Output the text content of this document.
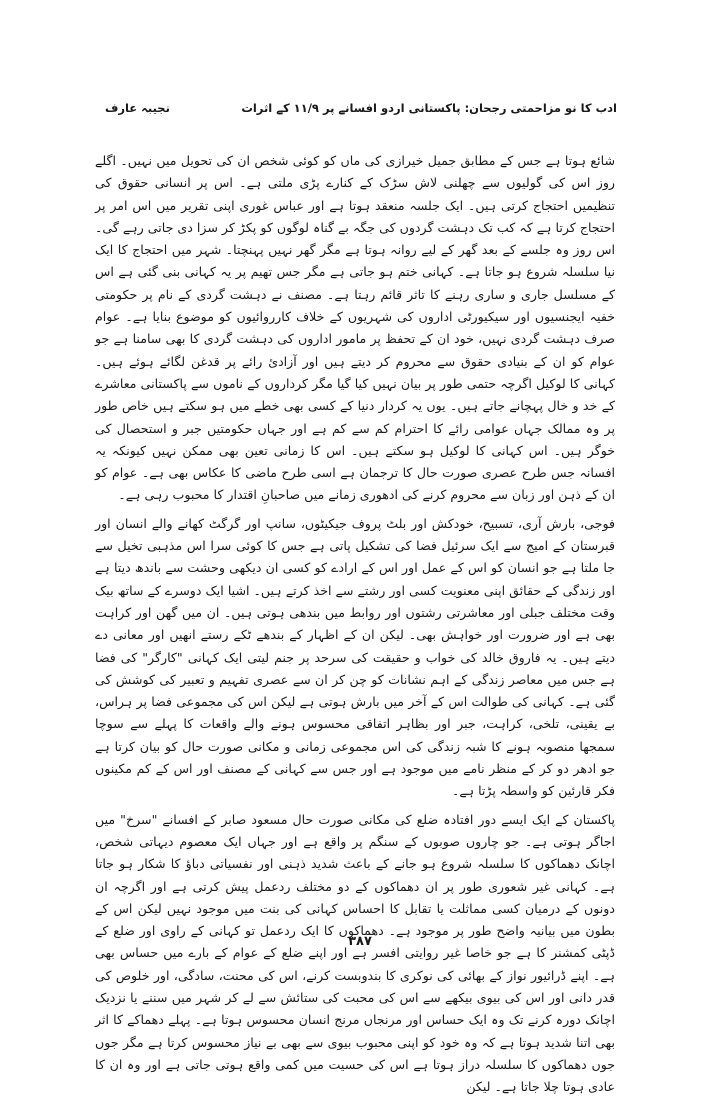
نجیبہ عارف	ادب کا نو مزاحمتی رجحان: پاکستانی اردو افسانے پر ۱۱/۹ کے اثرات

شائع ہوتا ہے جس کے مطابق جمیل خیرازی کی ماں کو کوئی شخص ان کی تحویل میں نہیں۔ اگلے روز اس کی گولیوں سے چھلنی لاش سڑک کے کنارے پڑی ملتی ہے۔ اس پر انسانی حقوق کی تنظیمیں احتجاج کرتی ہیں۔ ایک جلسہ منعقد ہوتا ہے اور عباس غوری اپنی تقریر میں اس امر پر احتجاج کرتا ہے کہ کب تک دہشت گردوں کی جگہ بے گناہ لوگوں کو پکڑ کر سزا دی جاتی رہے گی۔ اس روز وہ جلسے کے بعد گھر کے لیے روانہ ہوتا ہے مگر گھر نہیں پہنچتا۔ شہر میں احتجاج کا ایک نیا سلسلہ شروع ہو جاتا ہے۔ کہانی ختم ہو جاتی ہے مگر جس تھیم پر یہ کہانی بنی گئی ہے اس کے مسلسل جاری و ساری رہنے کا تاثر قائم رہتا ہے۔ مصنف نے دہشت گردی کے نام پر حکومتی خفیہ ایجنسیوں اور سیکیورٹی اداروں کی شہریوں کے خلاف کارروائیوں کو موضوع بنایا ہے۔ عوام صرف دہشت گردی نہیں، خود ان کے تحفظ پر مامور اداروں کی دہشت گردی کا بھی سامنا ہے جو عوام کو ان کے بنیادی حقوق سے محروم کر دیتے ہیں اور آزادیٔ رائے پر قدغن لگائے ہوئے ہیں۔ کہانی کا لوکیل اگرچہ حتمی طور پر بیان نہیں کیا گیا مگر کرداروں کے ناموں سے پاکستانی معاشرے کے خد و خال پہچانے جاتے ہیں۔ یوں یہ کردار دنیا کے کسی بھی خطے میں ہو سکتے ہیں خاص طور پر وہ ممالک جہاں عوامی رائے کا احترام کم سے کم ہے اور جہاں حکومتیں جبر و استحصال کی خوگر ہیں۔ اس کہانی کا لوکیل ہو سکتے ہیں۔ اس کا زمانی تعین بھی ممکن نہیں کیونکہ یہ افسانہ جس طرح عصری صورت حال کا ترجمان ہے اسی طرح ماضی کا عکاس بھی ہے۔ عوام کو ان کے ذہن اور زبان سے محروم کرنے کی ادھوری زمانے میں صاحبانِ اقتدار کا محبوب رہی ہے۔

فوجی، بارش آری، تسبیح، خودکش اور بلٹ پروف جیکیٹوں، سانپ اور گرگٹ کھانے والے انسان اور قبرستان کے امیج سے ایک سرئیل فضا کی تشکیل پاتی ہے جس کا کوئی سرا اس مذہبی تخیل سے جا ملتا ہے جو انسان کو اس کے عمل اور اس کے ارادے کو کسی ان دیکھی وحشت سے باندھ دیتا ہے اور زندگی کے حقائق اپنی معنویت کسی اور رشتے سے اخذ کرتے ہیں۔ اشیا ایک دوسرے کے ساتھ بیک وقت مختلف جبلی اور معاشرتی رشتوں اور روابط میں بندھی ہوتی ہیں۔ ان میں گھن اور کراہت بھی ہے اور ضرورت اور خواہش بھی۔ لیکن ان کے اظہار کے بندھے ٹکے رستے انھیں اور معانی دے دیتے ہیں۔ یہ فاروق خالد کی خواب و حقیقت کی سرحد پر جنم لیتی ایک کہانی "کارگر" کی فضا ہے جس میں معاصر زندگی کے اہم نشانات کو چن کر ان سے عصری تفہیم و تعبیر کی کوشش کی گئی ہے۔ کہانی کی طوالت اس کے آخر میں بارش ہوتی ہے لیکن اس کی مجموعی فضا پر ہراس، بے یقینی، تلخی، کراہت، جبر اور بظاہر اتفاقی محسوس ہونے والے واقعات کا پہلے سے سوچا سمجھا منصوبہ ہونے کا شبہ زندگی کی اس مجموعی زمانی و مکانی صورت حال کو بیان کرتا ہے جو ادھر دو کر کے منظر نامے میں موجود ہے اور جس سے کہانی کے مصنف اور اس کے کم مکینوں فکر قارئین کو واسطہ پڑتا ہے۔

پاکستان کے ایک ایسے دور افتادہ ضلع کی مکانی صورت حال مسعود صابر کے افسانے "سرخ" میں اجاگر ہوتی ہے۔ جو چاروں صوبوں کے سنگم پر واقع ہے اور جہاں ایک معصوم دیہاتی شخص، اچانک دھماکوں کا سلسلہ شروع ہو جانے کے باعث شدید ذہنی اور نفسیاتی دباؤ کا شکار ہو جاتا ہے۔ کہانی غیر شعوری طور پر ان دھماکوں کے دو مختلف ردعمل پیش کرتی ہے اور اگرچہ ان دونوں کے درمیان کسی مماثلت یا تقابل کا احساس کہانی کی بنت میں موجود نہیں لیکن اس کے بطون میں بیانیہ واضح طور پر موجود ہے۔ دھماکوں کا ایک ردعمل تو کہانی کے راوی اور ضلع کے ڈپٹی کمشنر کا ہے جو خاصا غیر روایتی افسر ہے اور اپنے ضلع کے عوام کے بارے میں حساس بھی ہے۔ اپنے ڈرائیور نواز کے بھائی کی نوکری کا بندوبست کرنے، اس کی محنت، سادگی، اور خلوص کی قدر دانی اور اس کی بیوی بیکھے سے اس کی محبت کی ستائش سے لے کر شہر میں سننے یا نزدیک اچانک دورہ کرنے تک وہ ایک حساس اور مرنجاں مرنج انسان محسوس ہوتا ہے۔ پہلے دھماکے کا اثر بھی اتنا شدید ہوتا ہے کہ وہ خود کو اپنی محبوب بیوی سے بھی بے نیاز محسوس کرتا ہے مگر جوں جوں دھماکوں کا سلسلہ دراز ہوتا ہے اس کی حسیت میں کمی واقع ہوتی جاتی ہے اور وہ ان کا عادی ہوتا چلا جاتا ہے۔ لیکن

۳۸۷
